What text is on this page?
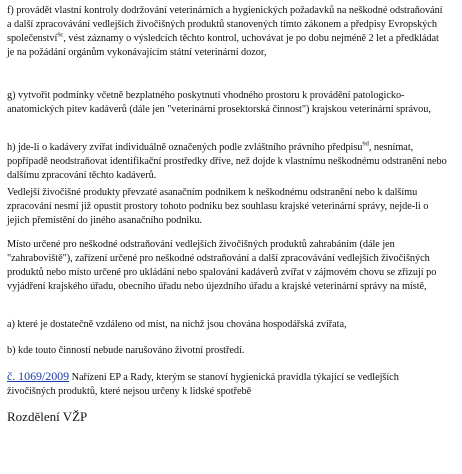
f) provádět vlastní kontroly dodržování veterinárních a hygienických požadavků na neškodné odstraňování a další zpracovávání vedlejších živočišných produktů stanovených tímto zákonem a předpisy Evropských společenství$^{9c}$, vést záznamy o výsledcích těchto kontrol, uchovávat je po dobu nejméně 2 let a předkládat je na požádání orgánům vykonávajícím státní veterinární dozor,

g) vytvořit podmínky včetně bezplatného poskytnutí vhodného prostoru k provádění patologicko-anatomických pitev kadáverů (dále jen "veterinární prosektorská činnost") krajskou veterinární správou,

h) jde-li o kadávery zvířat individuálně označených podle zvláštního právního předpisu$^{9d}$, nesnímat, popřípadě neodstraňovat identifikační prostředky dříve, než dojde k vlastnímu neškodnému odstranění nebo dalšímu zpracování těchto kadáverů.

Vedlejší živočišné produkty převzaté asanačním podnikem k neškodnému odstranění nebo k dalšímu zpracování nesmí již opustit prostory tohoto podniku bez souhlasu krajské veterinární správy, nejde-li o jejich přemístění do jiného asanačního podniku.

Místo určené pro neškodné odstraňování vedlejších živočišných produktů zahrabáním (dále jen "zahraboviště"), zařízení určené pro neškodné odstraňování a další zpracovávání vedlejších živočišných produktů nebo místo určené pro ukládání nebo spalování kadáverů zvířat v zájmovém chovu se zřizují po vyjádření krajského úřadu, obecního úřadu nebo újezdního úřadu a krajské veterinární správy na místě,

a) které je dostatečně vzdáleno od míst, na nichž jsou chována hospodářská zvířata,

b) kde touto činností nebude narušováno životní prostředí.

č. 1069/2009 Nařízení EP a Rady, kterým se stanoví hygienická pravidla týkající se vedlejších živočišných produktů, které nejsou určeny k lidské spotřebě

Rozdělení VŽP
